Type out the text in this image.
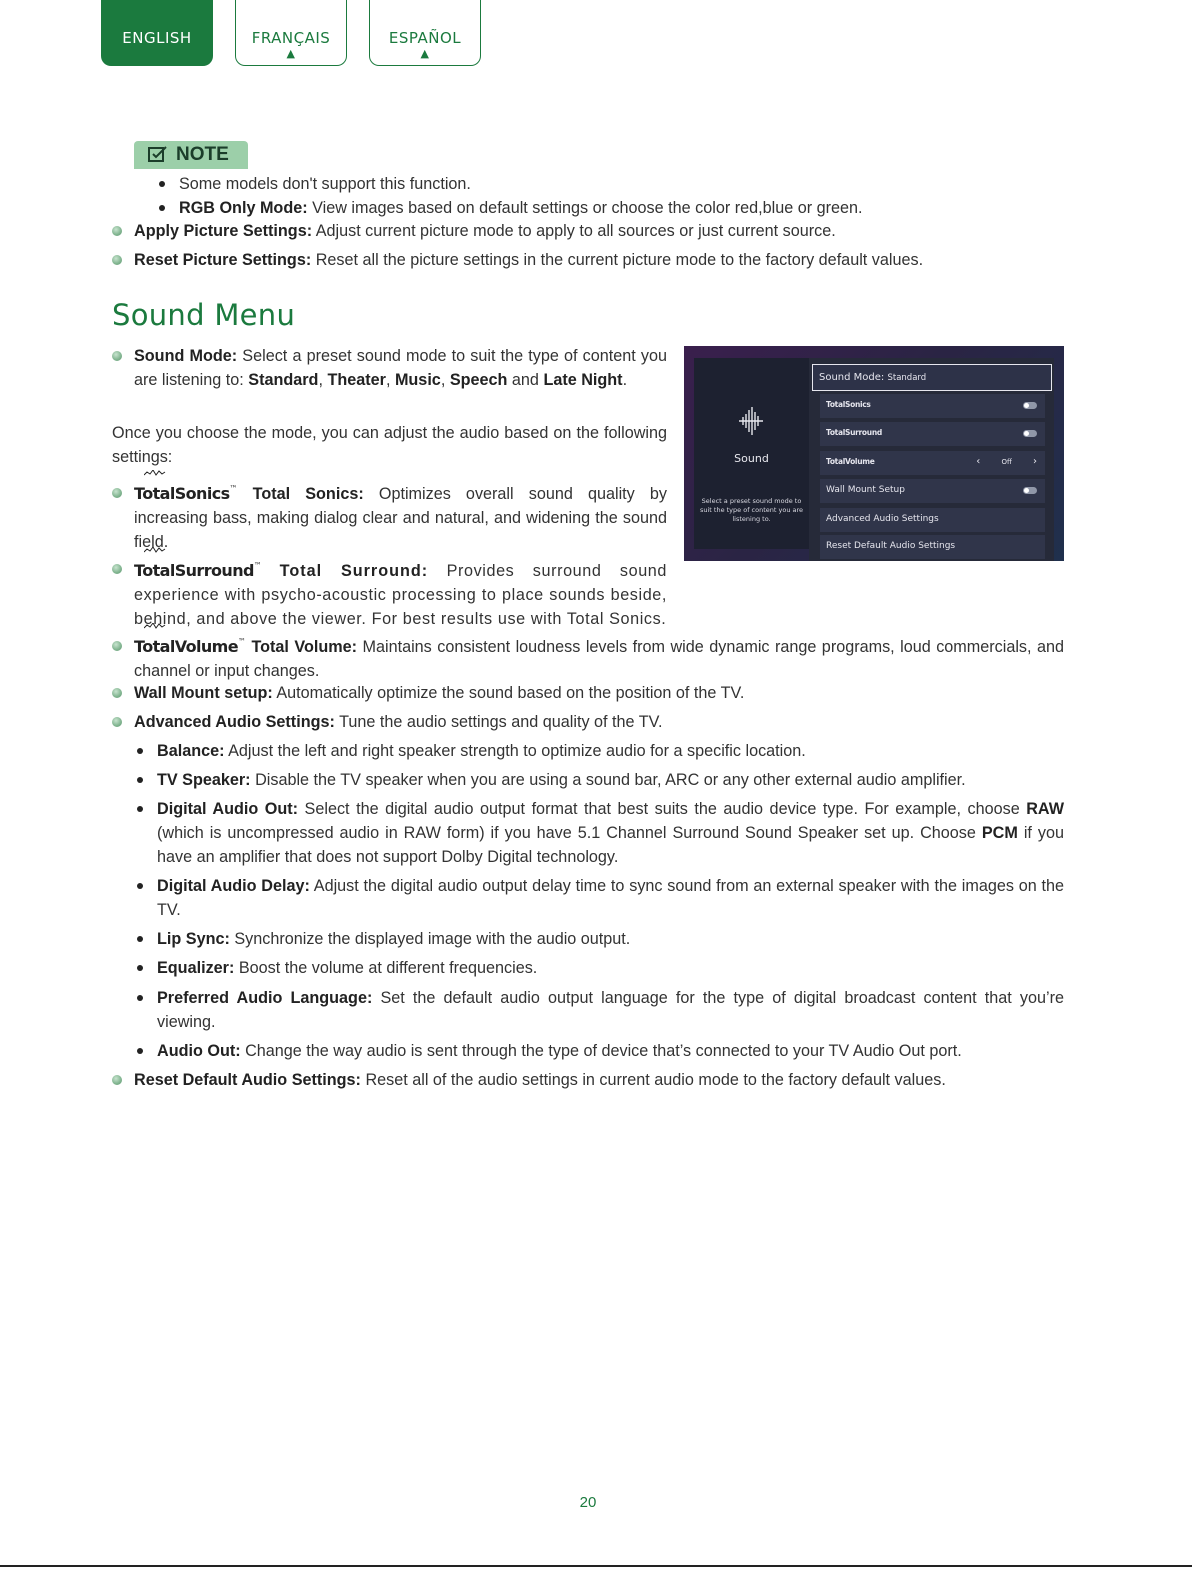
ENGLISH	FRANÇAIS
▲
ESPAÑOL
▲
NOTE
Some models don't support this function.
RGB Only Mode: View images based on default settings or choose the color red,blue or green.
Apply Picture Settings: Adjust current picture mode to apply to all sources or just current source.
Reset Picture Settings: Reset all the picture settings in the current picture mode to the factory default values.
Sound Menu
Sound Mode: Select a preset sound mode to suit the type of content you are listening to: Standard, Theater, Music, Speech and Late Night.
Once you choose the mode, you can adjust the audio based on the following settings:
TotalSonics™ Total Sonics: Optimizes overall sound quality by increasing bass, making dialog clear and natural, and widening the sound field.
TotalSurround™ Total Surround: Provides surround sound experience with psycho-acoustic processing to place sounds beside, behind, and above the viewer. For best results use with Total Sonics.
TotalVolume™ Total Volume: Maintains consistent loudness levels from wide dynamic range programs, loud commercials, and channel or input changes.
Wall Mount setup: Automatically optimize the sound based on the position of the TV.
Advanced Audio Settings: Tune the audio settings and quality of the TV.
Balance: Adjust the left and right speaker strength to optimize audio for a specific location.
TV Speaker: Disable the TV speaker when you are using a sound bar, ARC or any other external audio amplifier.
Digital Audio Out: Select the digital audio output format that best suits the audio device type. For example, choose RAW (which is uncompressed audio in RAW form) if you have 5.1 Channel Surround Sound Speaker set up. Choose PCM if you have an amplifier that does not support Dolby Digital technology.
Digital Audio Delay: Adjust the digital audio output delay time to sync sound from an external speaker with the images on the TV.
Lip Sync: Synchronize the displayed image with the audio output.
Equalizer: Boost the volume at different frequencies.
Preferred Audio Language: Set the default audio output language for the type of digital broadcast content that you’re viewing.
Audio Out: Change the way audio is sent through the type of device that’s connected to your TV Audio Out port.
Reset Default Audio Settings: Reset all of the audio settings in current audio mode to the factory default values.
Sound
Select a preset sound mode to suit the type of content you are listening to.
Sound Mode: Standard
TotalSonics
TotalSurround
TotalVolume	‹	Off ›
Wall Mount Setup
Advanced Audio Settings
Reset Default Audio Settings
20
